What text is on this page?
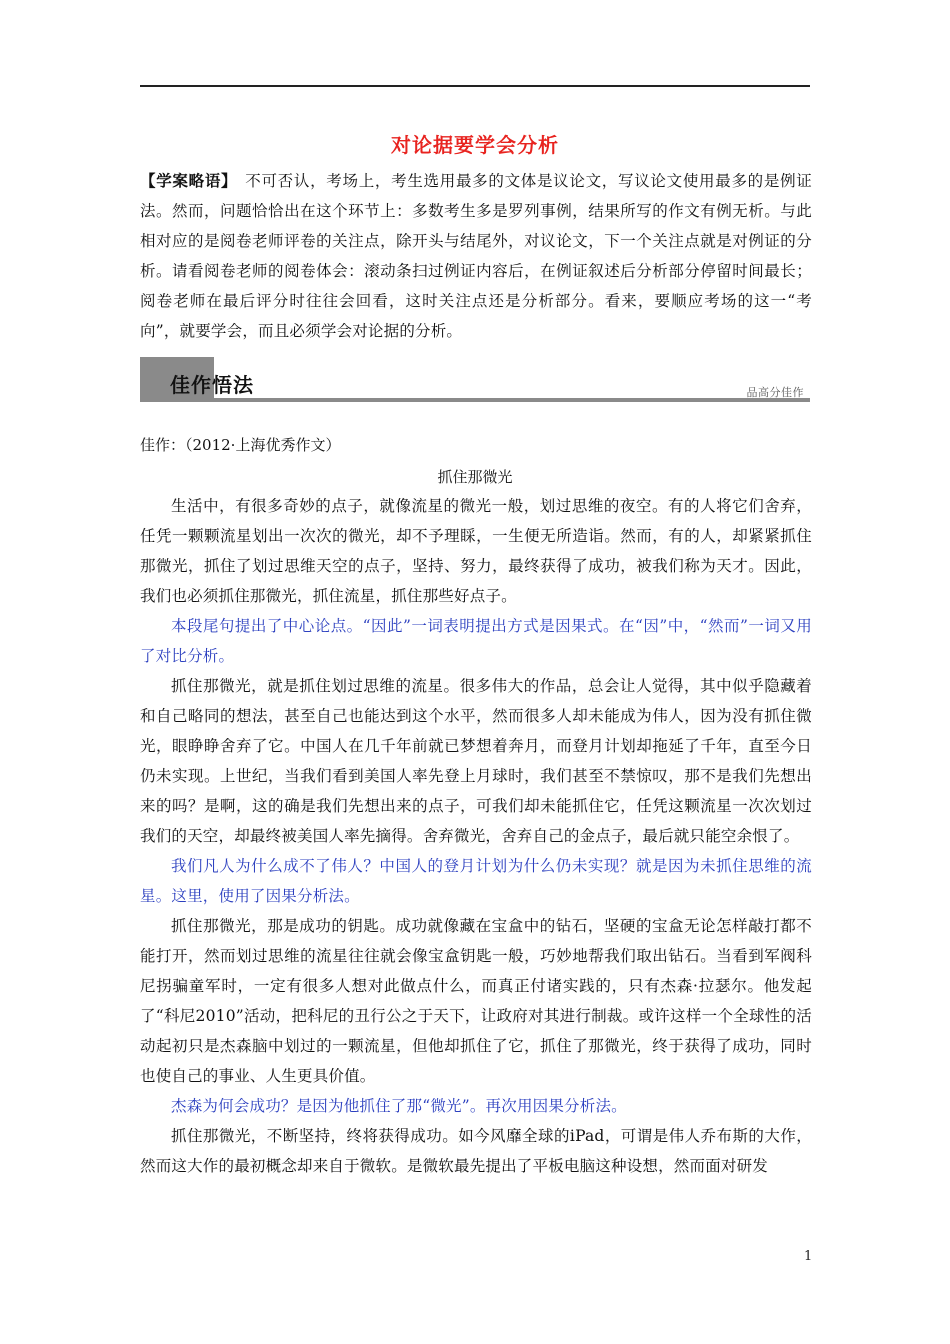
对论据要学会分析

【学案略语】 不可否认，考场上，考生选用最多的文体是议论文，写议论文使用最多的是例证法。然而，问题恰恰出在这个环节上：多数考生多是罗列事例，结果所写的作文有例无析。与此相对应的是阅卷老师评卷的关注点，除开头与结尾外，对议论文，下一个关注点就是对例证的分析。请看阅卷老师的阅卷体会：滚动条扫过例证内容后，在例证叙述后分析部分停留时间最长；阅卷老师在最后评分时往往会回看，这时关注点还是分析部分。看来，要顺应考场的这一“考向”，就要学会，而且必须学会对论据的分析。

佳作悟法	品高分佳作

佳作：（2012·上海优秀作文）

抓住那微光

生活中，有很多奇妙的点子，就像流星的微光一般，划过思维的夜空。有的人将它们舍弃，任凭一颗颗流星划出一次次的微光，却不予理睬，一生便无所造诣。然而，有的人，却紧紧抓住那微光，抓住了划过思维天空的点子，坚持、努力，最终获得了成功，被我们称为天才。因此，我们也必须抓住那微光，抓住流星，抓住那些好点子。

本段尾句提出了中心论点。“因此”一词表明提出方式是因果式。在“因”中，“然而”一词又用了对比分析。

抓住那微光，就是抓住划过思维的流星。很多伟大的作品，总会让人觉得，其中似乎隐藏着和自己略同的想法，甚至自己也能达到这个水平，然而很多人却未能成为伟人，因为没有抓住微光，眼睁睁舍弃了它。中国人在几千年前就已梦想着奔月，而登月计划却拖延了千年，直至今日仍未实现。上世纪，当我们看到美国人率先登上月球时，我们甚至不禁惊叹，那不是我们先想出来的吗？是啊，这的确是我们先想出来的点子，可我们却未能抓住它，任凭这颗流星一次次划过我们的天空，却最终被美国人率先摘得。舍弃微光，舍弃自己的金点子，最后就只能空余恨了。

我们凡人为什么成不了伟人？中国人的登月计划为什么仍未实现？就是因为未抓住思维的流星。这里，使用了因果分析法。

抓住那微光，那是成功的钥匙。成功就像藏在宝盒中的钻石，坚硬的宝盒无论怎样敲打都不能打开，然而划过思维的流星往往就会像宝盒钥匙一般，巧妙地帮我们取出钻石。当看到军阀科尼拐骗童军时，一定有很多人想对此做点什么，而真正付诸实践的，只有杰森·拉瑟尔。他发起了“科尼2010”活动，把科尼的丑行公之于天下，让政府对其进行制裁。或许这样一个全球性的活动起初只是杰森脑中划过的一颗流星，但他却抓住了它，抓住了那微光，终于获得了成功，同时也使自己的事业、人生更具价值。

杰森为何会成功？是因为他抓住了那“微光”。再次用因果分析法。

抓住那微光，不断坚持，终将获得成功。如今风靡全球的iPad，可谓是伟人乔布斯的大作，然而这大作的最初概念却来自于微软。是微软最先提出了平板电脑这种设想，然而面对研发

1
